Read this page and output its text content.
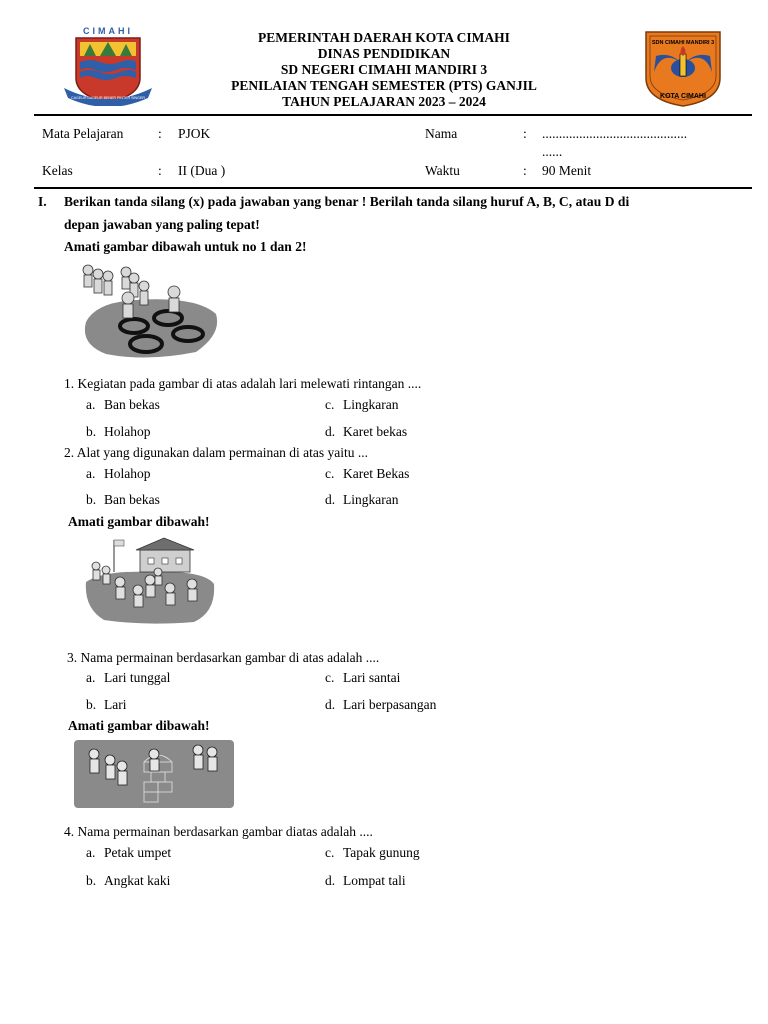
CIMAHI
CAGEUR BAGEUR BENER PINTER SINGER
PEMERINTAH DAERAH KOTA CIMAHI
DINAS PENDIDIKAN
SD NEGERI CIMAHI MANDIRI 3
PENILAIAN TENGAH SEMESTER (PTS) GANJIL
TAHUN PELAJARAN 2023 – 2024
SDN CIMAHI MANDIRI 3
KOTA CIMAHI
Mata Pelajaran	: PJOK	Nama	: ...........................................
......
Kelas	: II (Dua )	Waktu	: 90 Menit
I. Berikan tanda silang (x) pada jawaban yang benar ! Berilah tanda silang huruf A, B, C, atau D di
depan jawaban yang paling tepat!
Amati gambar dibawah untuk no 1 dan 2!
1. Kegiatan pada gambar di atas adalah lari melewati rintangan ....
a. Ban bekas	c. Lingkaran
b. Holahop	d. Karet bekas
2. Alat yang digunakan dalam permainan di atas yaitu ...
a. Holahop	c. Karet Bekas
b. Ban bekas	d. Lingkaran
Amati gambar dibawah!
3. Nama permainan berdasarkan gambar di atas adalah ....
a. Lari tunggal	c. Lari santai
b. Lari	d. Lari berpasangan
Amati gambar dibawah!
4. Nama permainan berdasarkan gambar diatas adalah ....
a. Petak umpet	c. Tapak gunung
b. Angkat kaki	d. Lompat tali
